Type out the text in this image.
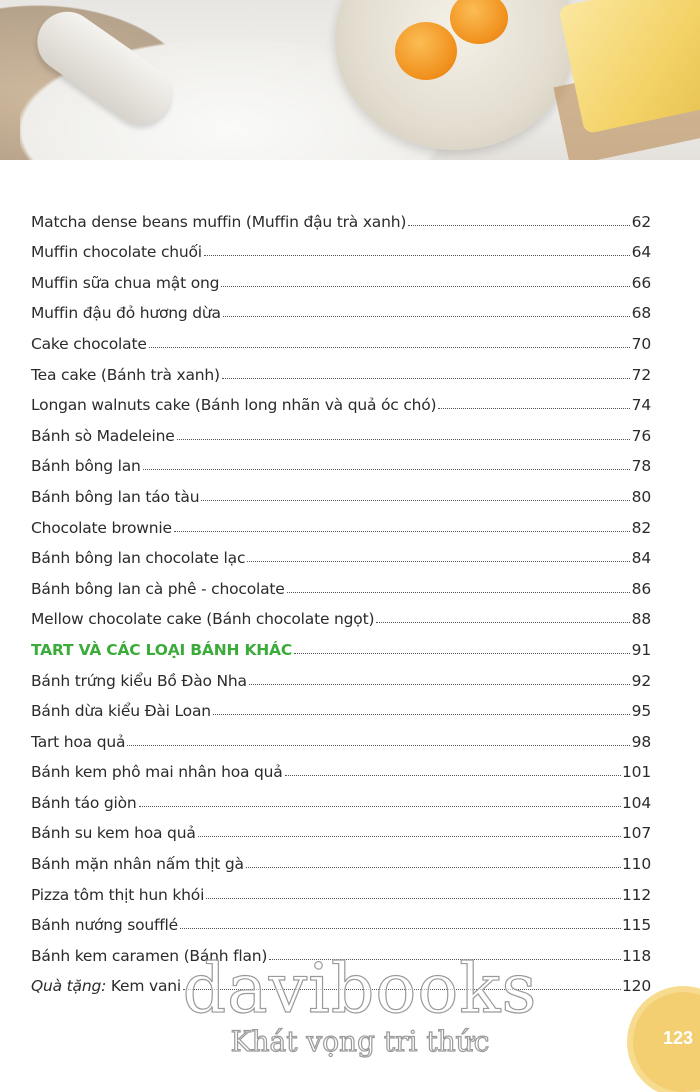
Matcha dense beans muffin (Muffin đậu trà xanh)	62
Muffin chocolate chuối	64
Muffin sữa chua mật ong	66
Muffin đậu đỏ hương dừa	68
Cake chocolate	70
Tea cake (Bánh trà xanh)	72
Longan walnuts cake (Bánh long nhãn và quả óc chó)	74
Bánh sò Madeleine	76
Bánh bông lan	78
Bánh bông lan táo tàu	80
Chocolate brownie	82
Bánh bông lan chocolate lạc	84
Bánh bông lan cà phê - chocolate	86
Mellow chocolate cake (Bánh chocolate ngọt)	88
TART VÀ CÁC LOẠI BÁNH KHÁC	91
Bánh trứng kiểu Bồ Đào Nha	92
Bánh dừa kiểu Đài Loan	95
Tart hoa quả	98
Bánh kem phô mai nhân hoa quả	101
Bánh táo giòn	104
Bánh su kem hoa quả	107
Bánh mặn nhân nấm thịt gà	110
Pizza tôm thịt hun khói	112
Bánh nướng soufflé	115
Bánh kem caramen (Bánh flan)	118
Quà tặng: Kem vani	120
davibooks
Khát vọng tri thức	123
